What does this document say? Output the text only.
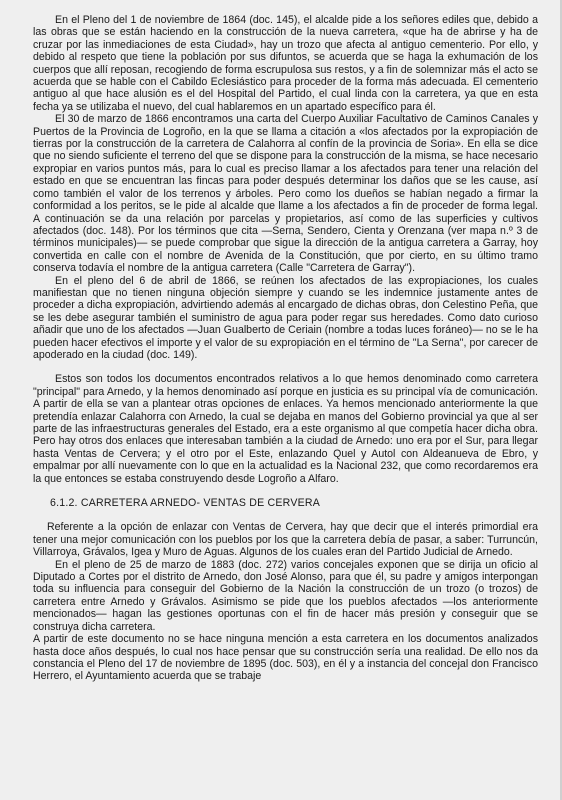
En el Pleno del 1 de noviembre de 1864 (doc. 145), el alcalde pide a los señores ediles que, debido a las obras que se están haciendo en la construcción de la nueva carretera, «que ha de abrirse y ha de cruzar por las inmediaciones de esta Ciudad», hay un trozo que afecta al antiguo cementerio. Por ello, y debido al respeto que tiene la población por sus difuntos, se acuerda que se haga la exhumación de los cuerpos que allí reposan, recogiendo de forma escrupulosa sus restos, y a fin de solemnizar más el acto se acuerda que se hable con el Cabildo Eclesiástico para proceder de la forma más adecuada. El cementerio antiguo al que hace alusión es el del Hospital del Partido, el cual linda con la carretera, ya que en esta fecha ya se utilizaba el nuevo, del cual hablaremos en un apartado específico para él.

El 30 de marzo de 1866 encontramos una carta del Cuerpo Auxiliar Facultativo de Caminos Canales y Puertos de la Provincia de Logroño, en la que se llama a citación a «los afectados por la expropiación de tierras por la construcción de la carretera de Calahorra al confín de la provincia de Soria». En ella se dice que no siendo suficiente el terreno del que se dispone para la construcción de la misma, se hace necesario expropiar en varios puntos más, para lo cual es preciso llamar a los afectados para tener una relación del estado en que se encuentran las fincas para poder después determinar los daños que se les cause, así como también el valor de los terrenos y árboles. Pero como los dueños se habían negado a firmar la conformidad a los peritos, se le pide al alcalde que llame a los afectados a fin de proceder de forma legal. A continuación se da una relación por parcelas y propietarios, así como de las superficies y cultivos afectados (doc. 148). Por los términos que cita —Serna, Sendero, Cienta y Orenzana (ver mapa n.º 3 de términos municipales)— se puede comprobar que sigue la dirección de la antigua carretera a Garray, hoy convertida en calle con el nombre de Avenida de la Constitución, que por cierto, en su último tramo conserva todavía el nombre de la antigua carretera (Calle "Carretera de Garray").

En el pleno del 6 de abril de 1866, se reúnen los afectados de las expropiaciones, los cuales manifiestan que no tienen ninguna objeción siempre y cuando se les indemnice justamente antes de proceder a dicha expropiación, advirtiendo además al encargado de dichas obras, don Celestino Peña, que se les debe asegurar también el suministro de agua para poder regar sus heredades. Como dato curioso añadir que uno de los afectados —Juan Gualberto de Ceriain (nombre a todas luces foráneo)— no se le ha pueden hacer efectivos el importe y el valor de su expropiación en el término de "La Serna", por carecer de apoderado en la ciudad (doc. 149).

Estos son todos los documentos encontrados relativos a lo que hemos denominado como carretera "principal" para Arnedo, y la hemos denominado así porque en justicia es su principal vía de comunicación. A partir de ella se van a plantear otras opciones de enlaces. Ya hemos mencionado anteriormente la que pretendía enlazar Calahorra con Arnedo, la cual se dejaba en manos del Gobierno provincial ya que al ser parte de las infraestructuras generales del Estado, era a este organismo al que competía hacer dicha obra. Pero hay otros dos enlaces que interesaban también a la ciudad de Arnedo: uno era por el Sur, para llegar hasta Ventas de Cervera; y el otro por el Este, enlazando Quel y Autol con Aldeanueva de Ebro, y empalmar por allí nuevamente con lo que en la actualidad es la Nacional 232, que como recordaremos era la que entonces se estaba construyendo desde Logroño a Alfaro.

6.1.2. CARRETERA ARNEDO- VENTAS DE CERVERA

Referente a la opción de enlazar con Ventas de Cervera, hay que decir que el interés primordial era tener una mejor comunicación con los pueblos por los que la carretera debía de pasar, a saber: Turruncún, Villarroya, Grávalos, Igea y Muro de Aguas. Algunos de los cuales eran del Partido Judicial de Arnedo.

En el pleno de 25 de marzo de 1883 (doc. 272) varios concejales exponen que se dirija un oficio al Diputado a Cortes por el distrito de Arnedo, don José Alonso, para que él, su padre y amigos interpongan toda su influencia para conseguir del Gobierno de la Nación la construcción de un trozo (o trozos) de carretera entre Arnedo y Grávalos. Asimismo se pide que los pueblos afectados —los anteriormente mencionados— hagan las gestiones oportunas con el fin de hacer más presión y conseguir que se construya dicha carretera.

A partir de este documento no se hace ninguna mención a esta carretera en los documentos analizados hasta doce años después, lo cual nos hace pensar que su construcción sería una realidad. De ello nos da constancia el Pleno del 17 de noviembre de 1895 (doc. 503), en él y a instancia del concejal don Francisco Herrero, el Ayuntamiento acuerda que se trabaje
